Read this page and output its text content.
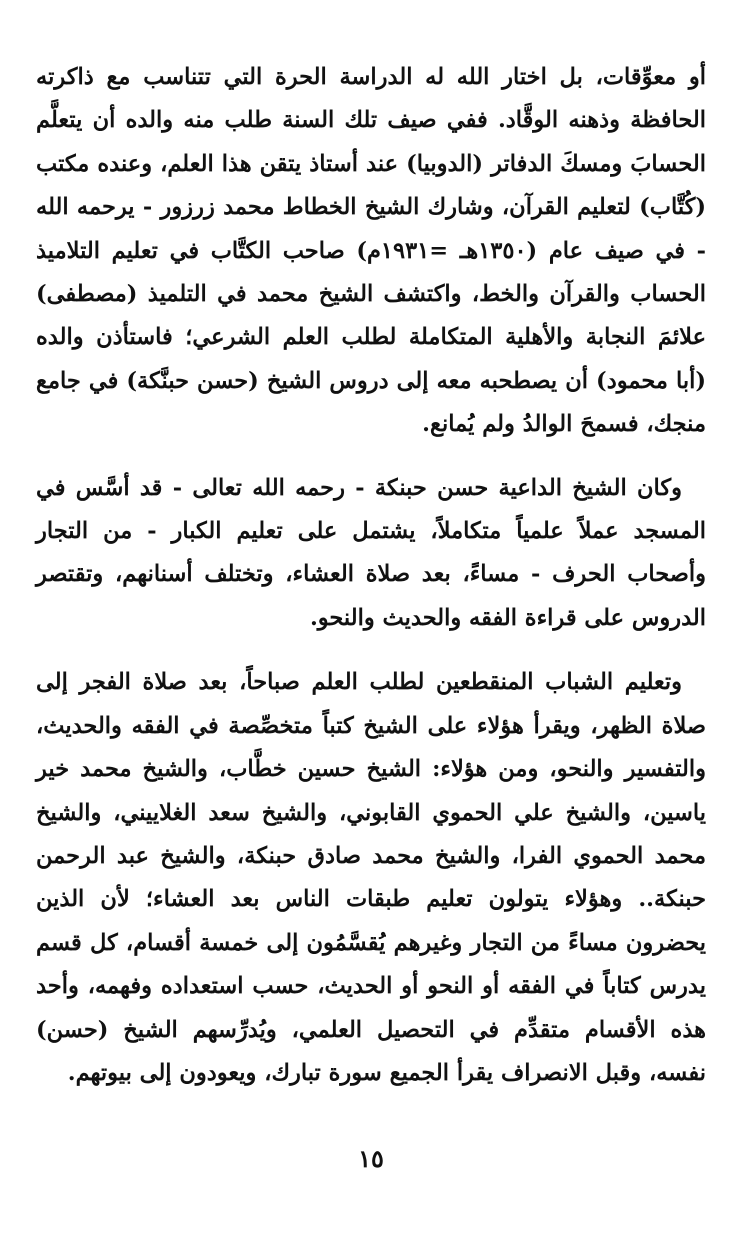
أو معوِّقات، بل اختار الله له الدراسة الحرة التي تتناسب مع ذاكرته الحافظة وذهنه الوقَّاد. ففي صيف تلك السنة طلب منه والده أن يتعلَّم الحسابَ ومسكَ الدفاتر (الدوبيا) عند أستاذ يتقن هذا العلم، وعنده مكتب (كُتَّاب) لتعليم القرآن، وشارك الشيخ الخطاط محمد زرزور - يرحمه الله - في صيف عام (١٣٥٠هـ =١٩٣١م) صاحب الكتَّاب في تعليم التلاميذ الحساب والقرآن والخط، واكتشف الشيخ محمد في التلميذ (مصطفى) علائمَ النجابة والأهلية المتكاملة لطلب العلم الشرعي؛ فاستأذن والده (أبا محمود) أن يصطحبه معه إلى دروس الشيخ (حسن حبنَّكة) في جامع منجك، فسمحَ الوالدُ ولم يُمانع.

وكان الشيخ الداعية حسن حبنكة - رحمه الله تعالى - قد أسَّس في المسجد عملاً علمياً متكاملاً، يشتمل على تعليم الكبار - من التجار وأصحاب الحرف - مساءً، بعد صلاة العشاء، وتختلف أسنانهم، وتقتصر الدروس على قراءة الفقه والحديث والنحو.

وتعليم الشباب المنقطعين لطلب العلم صباحاً، بعد صلاة الفجر إلى صلاة الظهر، ويقرأ هؤلاء على الشيخ كتباً متخصِّصة في الفقه والحديث، والتفسير والنحو، ومن هؤلاء: الشيخ حسين خطَّاب، والشيخ محمد خير ياسين، والشيخ علي الحموي القابوني، والشيخ سعد الغلاييني، والشيخ محمد الحموي الفرا، والشيخ محمد صادق حبنكة، والشيخ عبد الرحمن حبنكة.. وهؤلاء يتولون تعليم طبقات الناس بعد العشاء؛ لأن الذين يحضرون مساءً من التجار وغيرهم يُقسَّمُون إلى خمسة أقسام، كل قسم يدرس كتاباً في الفقه أو النحو أو الحديث، حسب استعداده وفهمه، وأحد هذه الأقسام متقدِّم في التحصيل العلمي، ويُدرِّسهم الشيخ (حسن) نفسه، وقبل الانصراف يقرأ الجميع سورة تبارك، ويعودون إلى بيوتهم.

١٥
